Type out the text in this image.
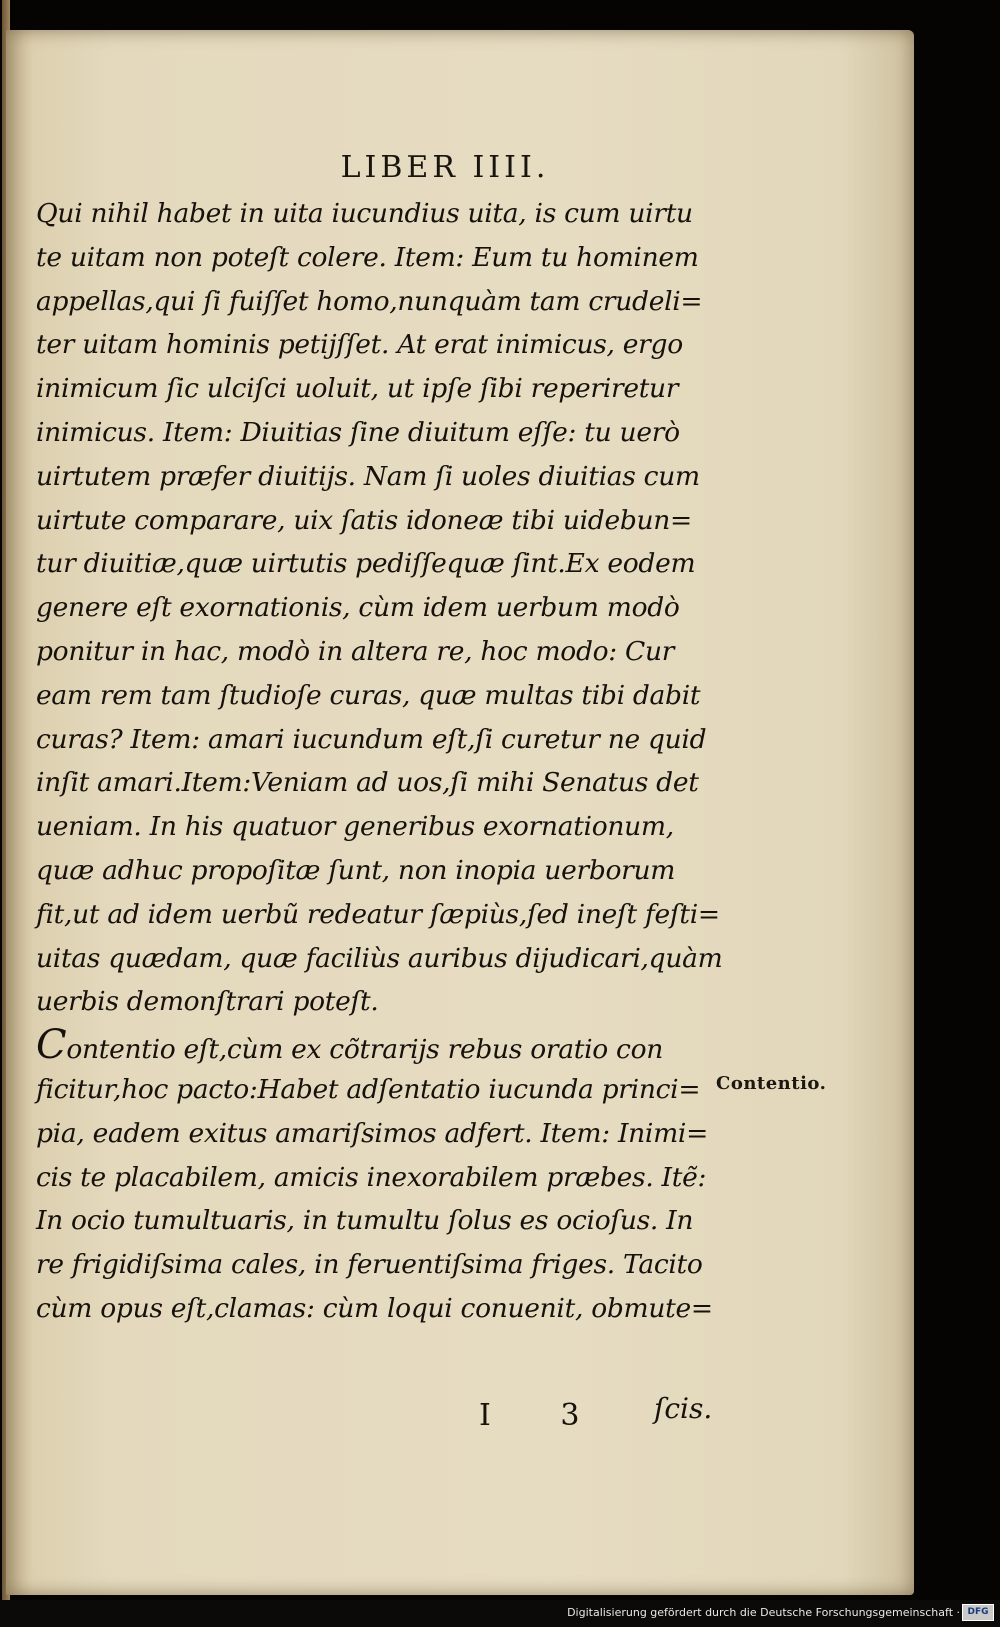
LIBER IIII.
Qui nihil habet in uita iucundius uita, is cum uirtu
te uitam non poteſt colere. Item: Eum tu hominem
appellas,qui ſi fuiſſet homo,nunquàm tam crudeli=
ter uitam hominis petijſſet. At erat inimicus, ergo
inimicum ſic ulciſci uoluit, ut ipſe ſibi reperiretur
inimicus. Item: Diuitias ſine diuitum eſſe: tu uerò
uirtutem præfer diuitijs. Nam ſi uoles diuitias cum
uirtute comparare, uix ſatis idoneæ tibi uidebun=
tur diuitiæ,quæ uirtutis pediſſequæ ſint.Ex eodem
genere eſt exornationis, cùm idem uerbum modò
ponitur in hac, modò in altera re, hoc modo: Cur
eam rem tam ſtudioſe curas, quæ multas tibi dabit
curas? Item: amari iucundum eſt,ſi curetur ne quid
inſit amari.Item:Veniam ad uos,ſi mihi Senatus det
ueniam. In his quatuor generibus exornationum,
quæ adhuc propoſitæ ſunt, non inopia uerborum
fit,ut ad idem uerbũ redeatur ſæpiùs,ſed ineſt feſti=
uitas quædam, quæ faciliùs auribus dijudicari,quàm
uerbis demonſtrari poteſt.
Contentio eſt,cùm ex cõtrarijs rebus oratio con
ficitur,hoc pacto:Habet adſentatio iucunda princi=
pia, eadem exitus amariſsimos adfert. Item: Inimi=
cis te placabilem, amicis inexorabilem præbes. Itẽ:
In ocio tumultuaris, in tumultu ſolus es ocioſus. In
re frigidiſsima cales, in feruentiſsima friges. Tacito
cùm opus eſt,clamas: cùm loqui conuenit, obmute=
Contentio.
I 3 ſcis.
Digitalisierung gefördert durch die Deutsche Forschungsgemeinschaft · DFG
